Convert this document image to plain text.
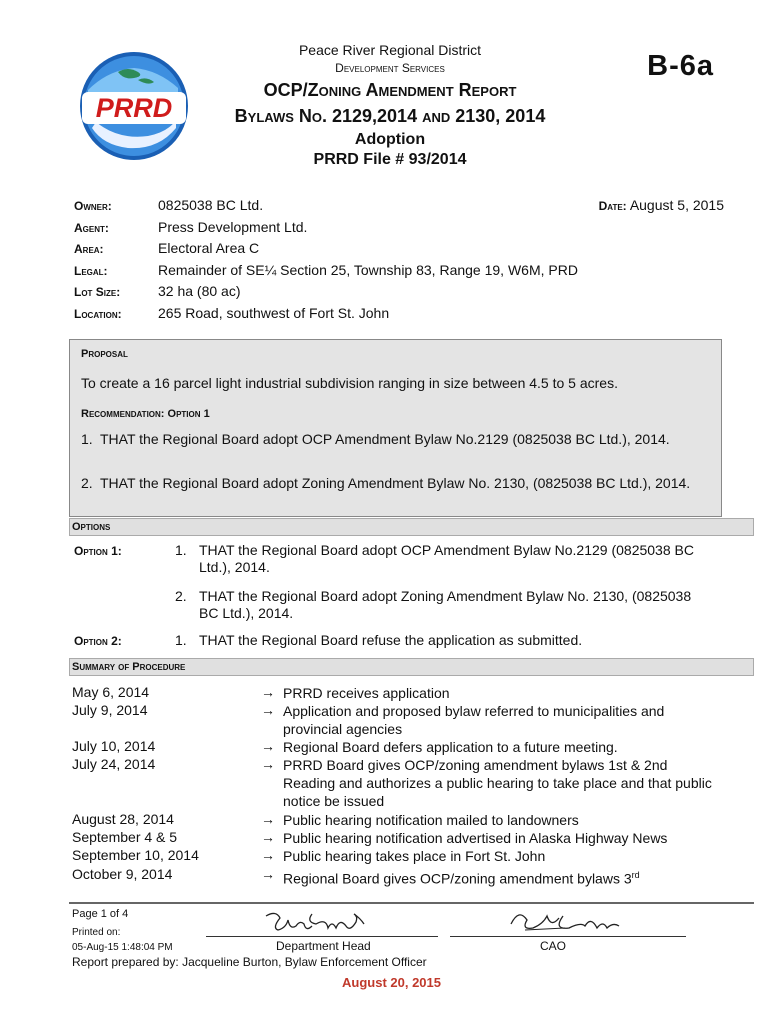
PRRD
Peace River Regional District
Development Services
OCP/Zoning Amendment Report
Bylaws No. 2129,2014 and 2130, 2014
Adoption
PRRD File # 93/2014
B-6a
Owner:	0825038 BC Ltd.	Date: August 5, 2015
Agent:	Press Development Ltd.
Area:	Electoral Area C
Legal:	Remainder of SE¼ Section 25, Township 83, Range 19, W6M, PRD
Lot Size:	32 ha (80 ac)
Location:	265 Road, southwest of Fort St. John
Proposal
To create a 16 parcel light industrial subdivision ranging in size between 4.5 to 5 acres.
Recommendation: Option 1
1. THAT the Regional Board adopt OCP Amendment Bylaw No.2129 (0825038 BC Ltd.), 2014.
2. THAT the Regional Board adopt Zoning Amendment Bylaw No. 2130, (0825038 BC Ltd.), 2014.
Options
Option 1:	1. THAT the Regional Board adopt OCP Amendment Bylaw No.2129 (0825038 BC Ltd.), 2014.
2. THAT the Regional Board adopt Zoning Amendment Bylaw No. 2130, (0825038 BC Ltd.), 2014.
Option 2:	1. THAT the Regional Board refuse the application as submitted.
Summary of Procedure
May 6, 2014	→ PRRD receives application
July 9, 2014	→ Application and proposed bylaw referred to municipalities and provincial agencies
July 10, 2014	→ Regional Board defers application to a future meeting.
July 24, 2014	→ PRRD Board gives OCP/zoning amendment bylaws 1st & 2nd Reading and authorizes a public hearing to take place and that public notice be issued
August 28, 2014	→ Public hearing notification mailed to landowners
September 4 & 5	→ Public hearing notification advertised in Alaska Highway News
September 10, 2014	→ Public hearing takes place in Fort St. John
October 9, 2014	→ Regional Board gives OCP/zoning amendment bylaws 3rd
Page 1 of 4
Printed on:
05-Aug-15 1:48:04 PM	Department Head	CAO
Report prepared by: Jacqueline Burton, Bylaw Enforcement Officer
August 20, 2015
